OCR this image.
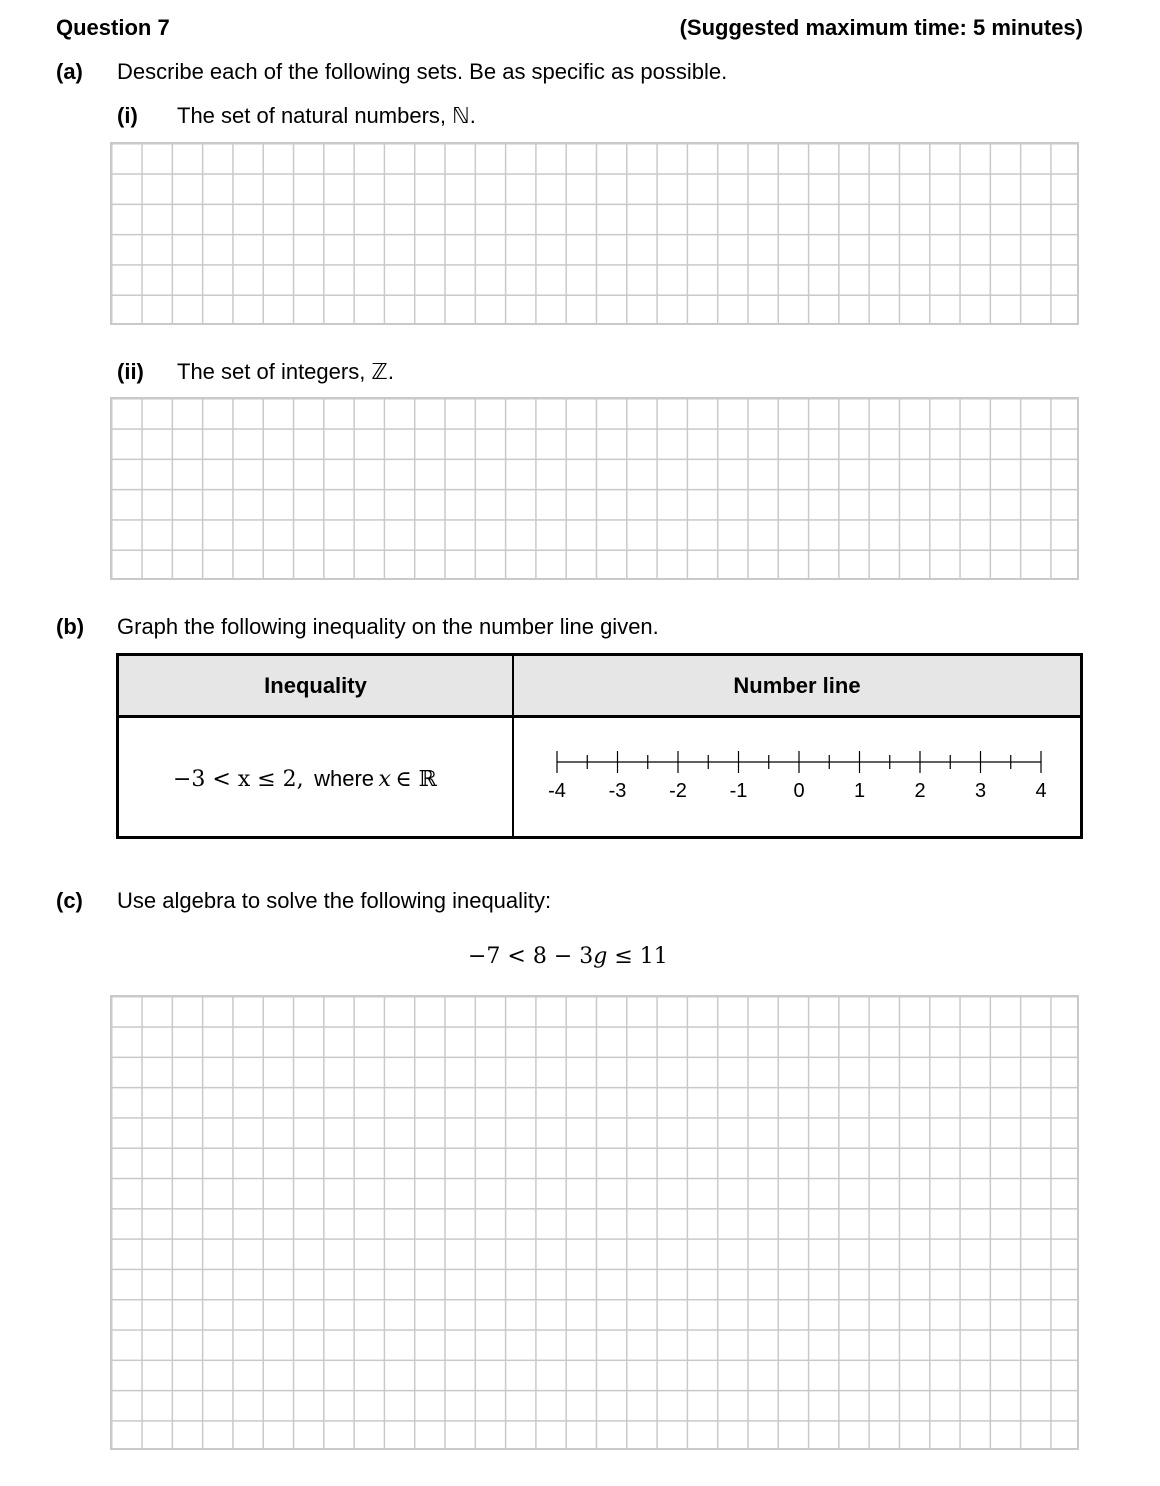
Question 7	(Suggested maximum time: 5 minutes)
(a) Describe each of the following sets. Be as specific as possible.
(i) The set of natural numbers, ℕ.
(ii) The set of integers, ℤ.
(b) Graph the following inequality on the number line given.
Inequality	Number line
−3 < x ≤ 2, where x ∈ ℝ	-4 -3 -2 -1 0 1 2 3 4
(c) Use algebra to solve the following inequality:
−7 < 8 − 3g ≤ 11
